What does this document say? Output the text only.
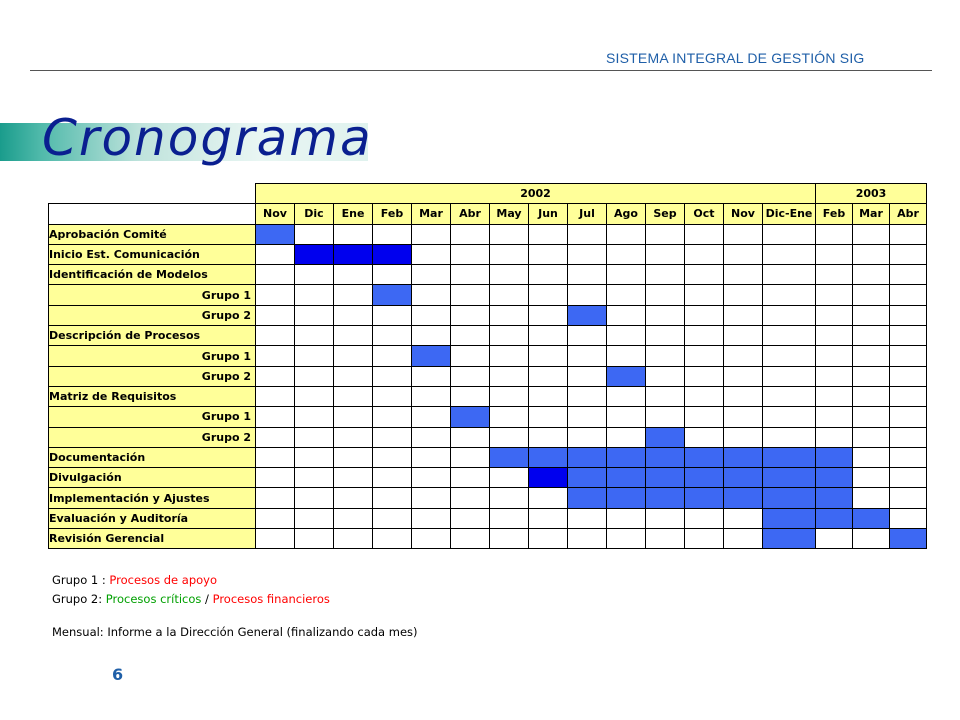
SISTEMA INTEGRAL DE GESTIÓN SIG
Cronograma
	2002														2003		
	Nov	Dic	Ene	Feb	Mar	Abr	May	Jun	Jul	Ago	Sep	Oct	Nov	Dic-Ene	Feb	Mar	Abr
Aprobación Comité																	
Inicio Est. Comunicación																	
Identificación de Modelos																	
Grupo 1																	
Grupo 2																	
Descripción de Procesos																	
Grupo 1																	
Grupo 2																	
Matriz de Requisitos																	
Grupo 1																	
Grupo 2																	
Documentación																	
Divulgación																	
Implementación y Ajustes																	
Evaluación y Auditoría																	
Revisión Gerencial																	
Grupo 1 : Procesos de apoyo
Grupo 2: Procesos críticos / Procesos financieros
Mensual: Informe a la Dirección General (finalizando cada mes)
6
